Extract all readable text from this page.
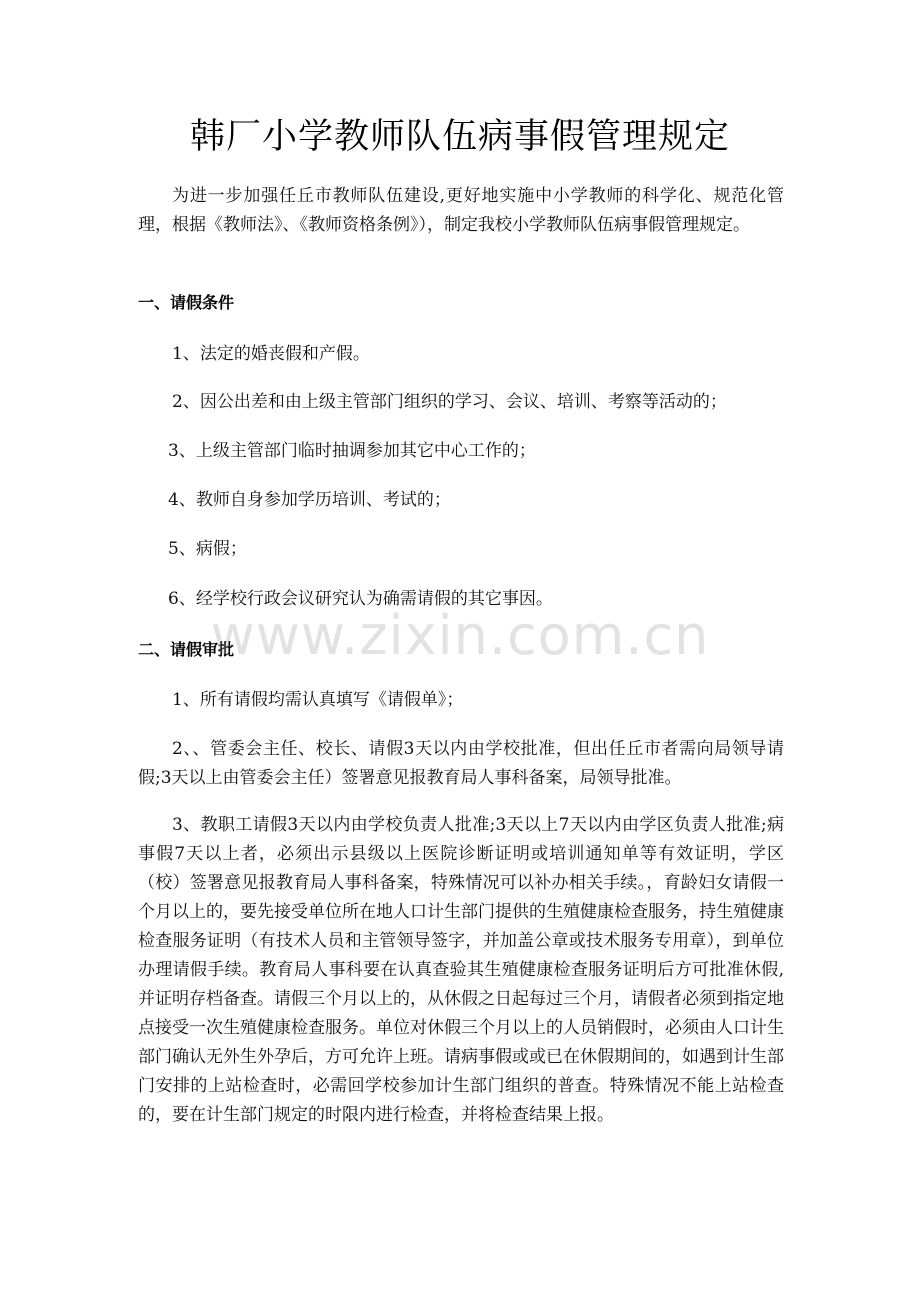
韩厂小学教师队伍病事假管理规定
为进一步加强任丘市教师队伍建设,更好地实施中小学教师的科学化、规范化管理，根据《教师法》、《教师资格条例》），制定我校小学教师队伍病事假管理规定。
一、请假条件
1、法定的婚丧假和产假。
2、因公出差和由上级主管部门组织的学习、会议、培训、考察等活动的；
3、上级主管部门临时抽调参加其它中心工作的；
4、教师自身参加学历培训、考试的；
5、病假；
6、经学校行政会议研究认为确需请假的其它事因。
二、请假审批
1、所有请假均需认真填写《请假单》；
2、、管委会主任、校长、请假3天以内由学校批准，但出任丘市者需向局领导请假;3天以上由管委会主任）签署意见报教育局人事科备案，局领导批准。
3、教职工请假3天以内由学校负责人批准;3天以上7天以内由学区负责人批准;病事假7天以上者，必须出示县级以上医院诊断证明或培训通知单等有效证明，学区（校）签署意见报教育局人事科备案，特殊情况可以补办相关手续。，育龄妇女请假一个月以上的，要先接受单位所在地人口计生部门提供的生殖健康检查服务，持生殖健康检查服务证明（有技术人员和主管领导签字，并加盖公章或技术服务专用章），到单位办理请假手续。教育局人事科要在认真查验其生殖健康检查服务证明后方可批准休假,并证明存档备查。请假三个月以上的，从休假之日起每过三个月，请假者必须到指定地点接受一次生殖健康检查服务。单位对休假三个月以上的人员销假时，必须由人口计生部门确认无外生外孕后，方可允许上班。请病事假或或已在休假期间的，如遇到计生部门安排的上站检查时，必需回学校参加计生部门组织的普查。特殊情况不能上站检查的，要在计生部门规定的时限内进行检查，并将检查结果上报。
www.zixin.com.cn
